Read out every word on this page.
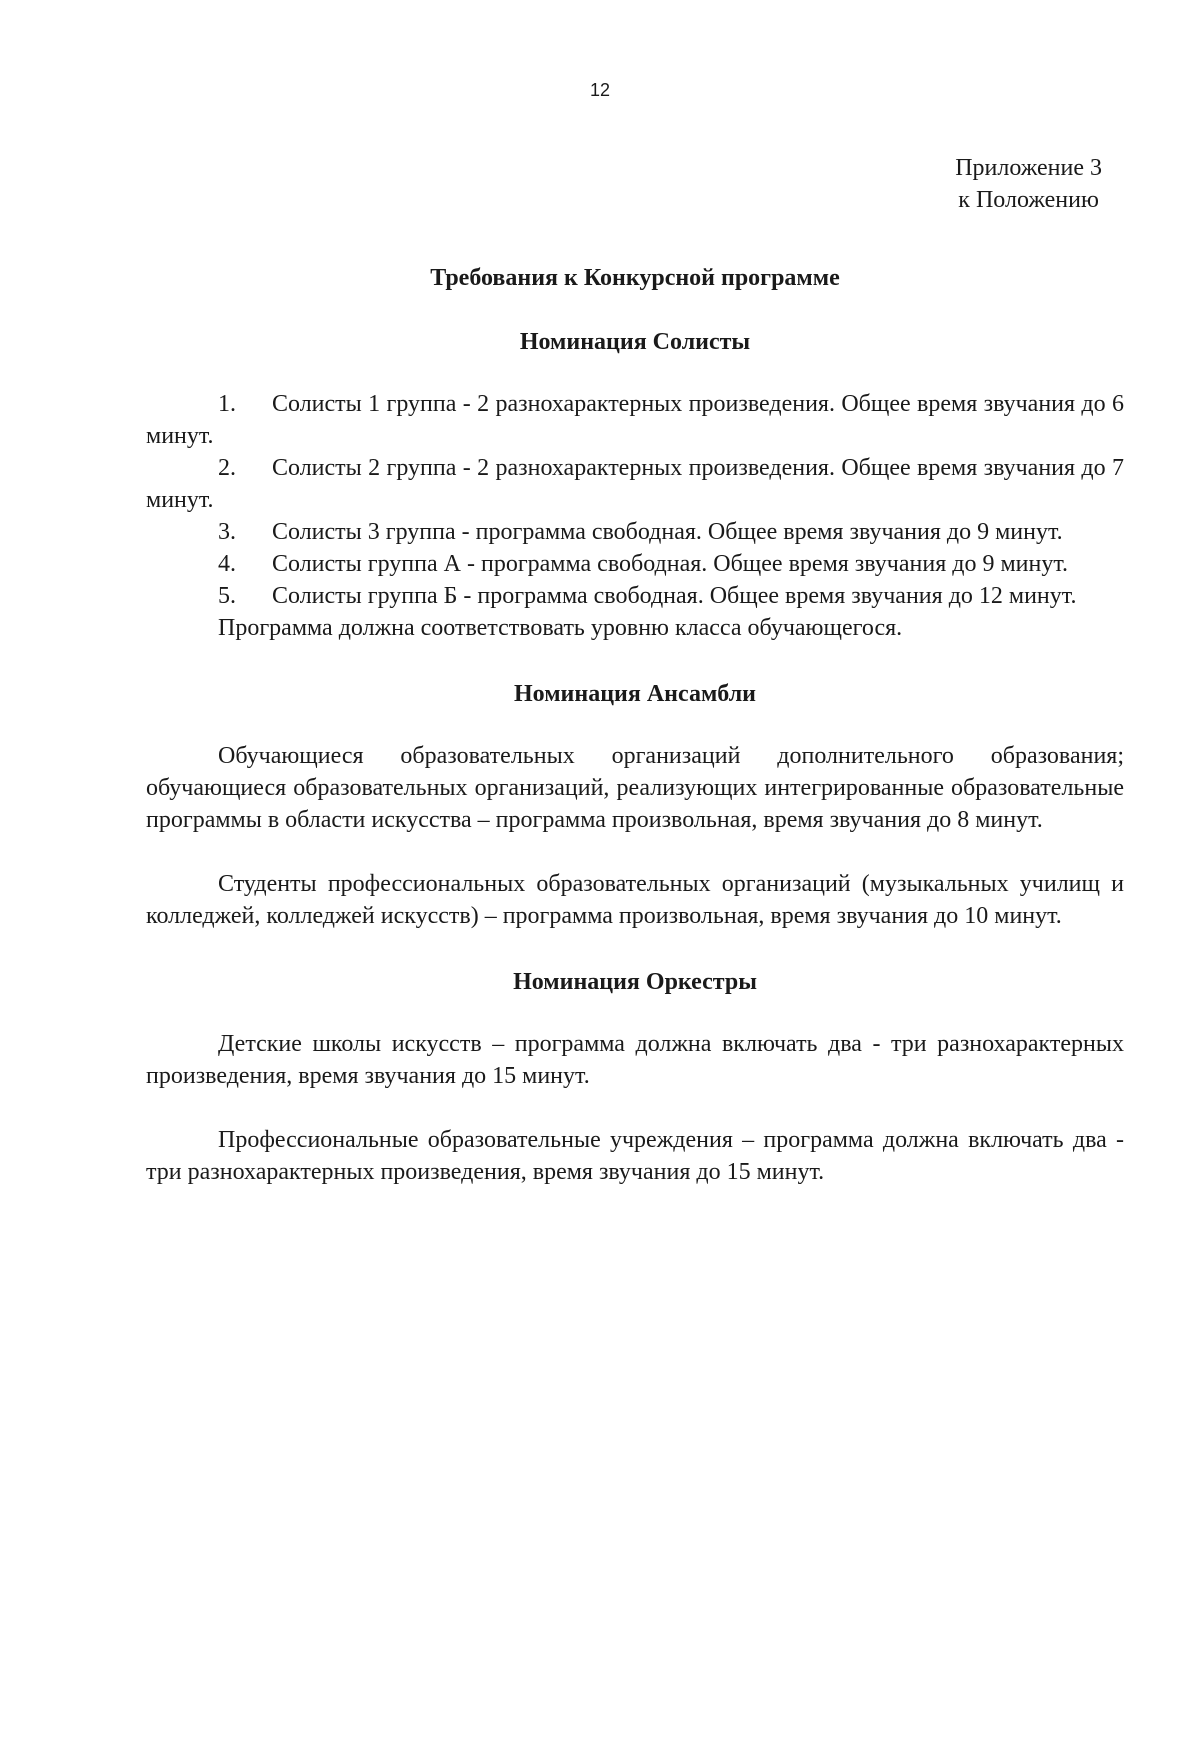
12
Приложение 3
к Положению
Требования к Конкурсной программе
Номинация Солисты

1. Солисты 1 группа - 2 разнохарактерных произведения. Общее время звучания до 6 минут.

2. Солисты 2 группа - 2 разнохарактерных произведения. Общее время звучания до 7 минут.

3. Солисты 3 группа - программа свободная. Общее время звучания до 9 минут.

4. Солисты группа А - программа свободная. Общее время звучания до 9 минут.

5. Солисты группа Б - программа свободная. Общее время звучания до 12 минут.

Программа должна соответствовать уровню класса обучающегося.

Номинация Ансамбли

Обучающиеся образовательных организаций дополнительного образования; обучающиеся образовательных организаций, реализующих интегрированные образовательные программы в области искусства – программа произвольная, время звучания до 8 минут.

Студенты профессиональных образовательных организаций (музыкальных училищ и колледжей, колледжей искусств) – программа произвольная, время звучания до 10 минут.

Номинация Оркестры

Детские школы искусств – программа должна включать два - три разнохарактерных произведения, время звучания до 15 минут.

Профессиональные образовательные учреждения – программа должна включать два - три разнохарактерных произведения, время звучания до 15 минут.
